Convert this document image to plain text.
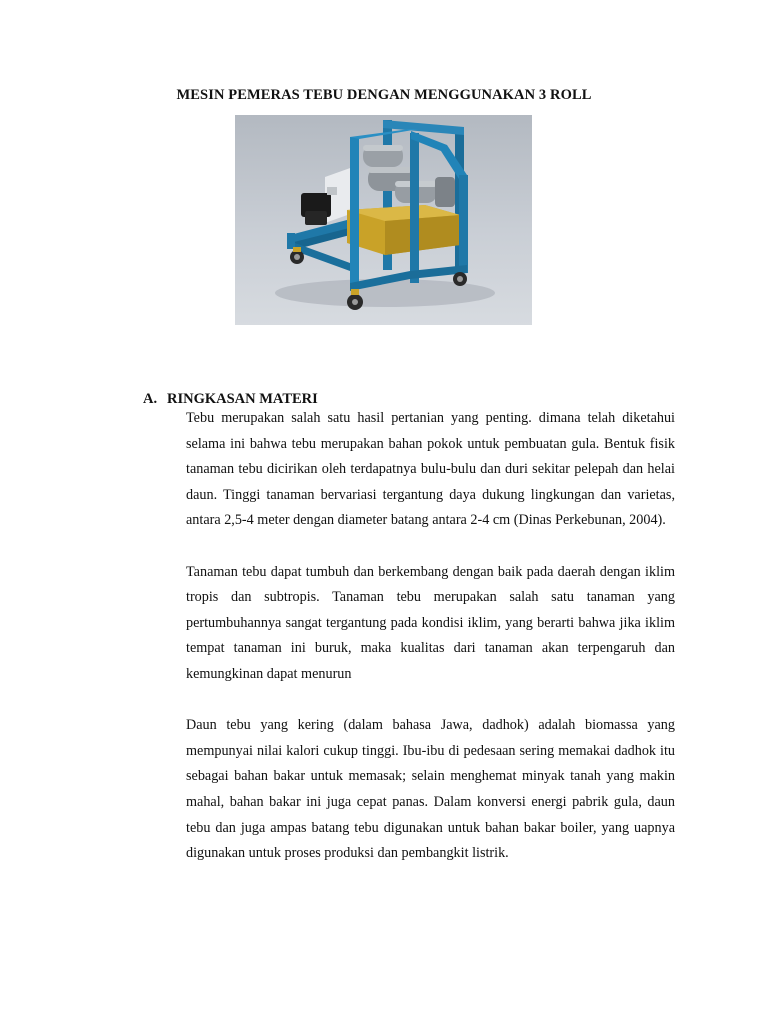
MESIN PEMERAS TEBU DENGAN MENGGUNAKAN 3 ROLL
A. RINGKASAN MATERI

Tebu merupakan salah satu hasil pertanian yang penting. dimana telah diketahui selama ini bahwa tebu merupakan bahan pokok untuk pembuatan gula. Bentuk fisik tanaman tebu dicirikan oleh terdapatnya bulu-bulu dan duri sekitar pelepah dan helai daun. Tinggi tanaman bervariasi tergantung daya dukung lingkungan dan varietas, antara 2,5-4 meter dengan diameter batang antara 2-4 cm (Dinas Perkebunan, 2004).

Tanaman tebu dapat tumbuh dan berkembang dengan baik pada daerah dengan iklim tropis dan subtropis. Tanaman tebu merupakan salah satu tanaman yang pertumbuhannya sangat tergantung pada kondisi iklim, yang berarti bahwa jika iklim tempat tanaman ini buruk, maka kualitas dari tanaman akan terpengaruh dan kemungkinan dapat menurun

Daun tebu yang kering (dalam bahasa Jawa, dadhok) adalah biomassa yang mempunyai nilai kalori cukup tinggi. Ibu-ibu di pedesaan sering memakai dadhok itu sebagai bahan bakar untuk memasak; selain menghemat minyak tanah yang makin mahal, bahan bakar ini juga cepat panas. Dalam konversi energi pabrik gula, daun tebu dan juga ampas batang tebu digunakan untuk bahan bakar boiler, yang uapnya digunakan untuk proses produksi dan pembangkit listrik.
